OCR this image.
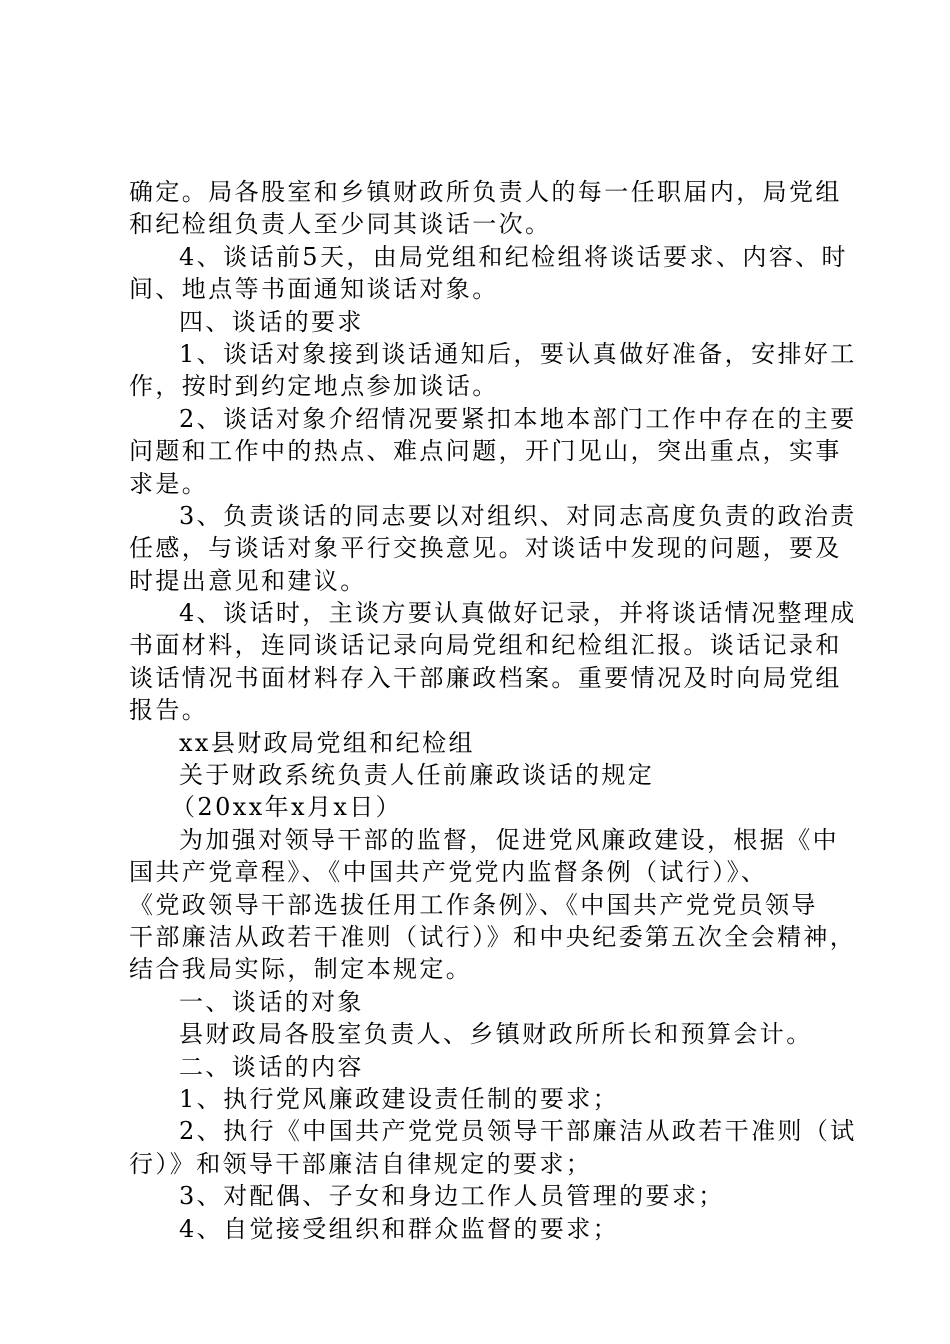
确定。局各股室和乡镇财政所负责人的每一任职届内，局党组
和纪检组负责人至少同其谈话一次。
4、谈话前5天，由局党组和纪检组将谈话要求、内容、时
间、地点等书面通知谈话对象。
四、谈话的要求
1、谈话对象接到谈话通知后，要认真做好准备，安排好工
作，按时到约定地点参加谈话。
2、谈话对象介绍情况要紧扣本地本部门工作中存在的主要
问题和工作中的热点、难点问题，开门见山，突出重点，实事
求是。
3、负责谈话的同志要以对组织、对同志高度负责的政治责
任感，与谈话对象平行交换意见。对谈话中发现的问题，要及
时提出意见和建议。
4、谈话时，主谈方要认真做好记录，并将谈话情况整理成
书面材料，连同谈话记录向局党组和纪检组汇报。谈话记录和
谈话情况书面材料存入干部廉政档案。重要情况及时向局党组
报告。
xx县财政局党组和纪检组
关于财政系统负责人任前廉政谈话的规定
（20xx年x月x日）
为加强对领导干部的监督，促进党风廉政建设，根据《中
国共产党章程》、《中国共产党党内监督条例（试行）》、
《党政领导干部选拔任用工作条例》、《中国共产党党员领导
干部廉洁从政若干准则（试行）》和中央纪委第五次全会精神，
结合我局实际，制定本规定。
一、谈话的对象
县财政局各股室负责人、乡镇财政所所长和预算会计。
二、谈话的内容
1、执行党风廉政建设责任制的要求；
2、执行《中国共产党党员领导干部廉洁从政若干准则（试
行）》和领导干部廉洁自律规定的要求；
3、对配偶、子女和身边工作人员管理的要求；
4、自觉接受组织和群众监督的要求；
